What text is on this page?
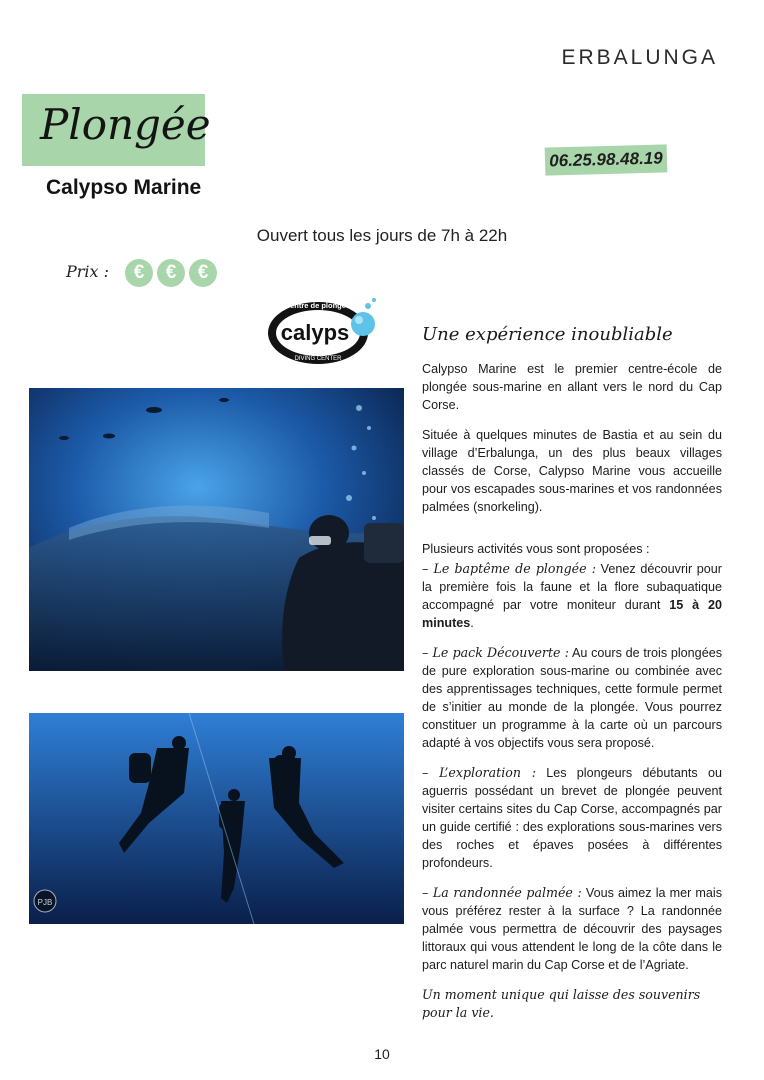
ERBALUNGA
Plongée
Calypso Marine
06.25.98.48.19
Ouvert tous les jours de 7h à 22h
Prix :	€	€	€
centre de plongée
calyps
DIVING CENTER
PJB
Une expérience inoubliable

Calypso Marine est le premier centre-école de plongée sous-marine en allant vers le nord du Cap Corse.

Située à quelques minutes de Bastia et au sein du village d’Erbalunga, un des plus beaux villages classés de Corse, Calypso Marine vous accueille pour vos escapades sous-marines et vos randonnées palmées (snorkeling).

Plusieurs activités vous sont proposées :

– Le baptême de plongée : Venez découvrir pour la première fois la faune et la flore subaquatique accompagné par votre moniteur durant 15 à 20 minutes.

– Le pack Découverte : Au cours de trois plongées de pure exploration sous-marine ou combinée avec des apprentissages techniques, cette formule permet de s’initier au monde de la plongée. Vous pourrez constituer un programme à la carte où un parcours adapté à vos objectifs vous sera proposé.

– L’exploration : Les plongeurs débutants ou aguerris possédant un brevet de plongée peuvent visiter certains sites du Cap Corse, accompagnés par un guide certifié : des explorations sous-marines vers des roches et épaves posées à différentes profondeurs.

– La randonnée palmée : Vous aimez la mer mais vous préférez rester à la surface ? La randonnée palmée vous permettra de découvrir des paysages littoraux qui vous attendent le long de la côte dans le parc naturel marin du Cap Corse et de l’Agriate.

Un moment unique qui laisse des souvenirs pour la vie.
10
